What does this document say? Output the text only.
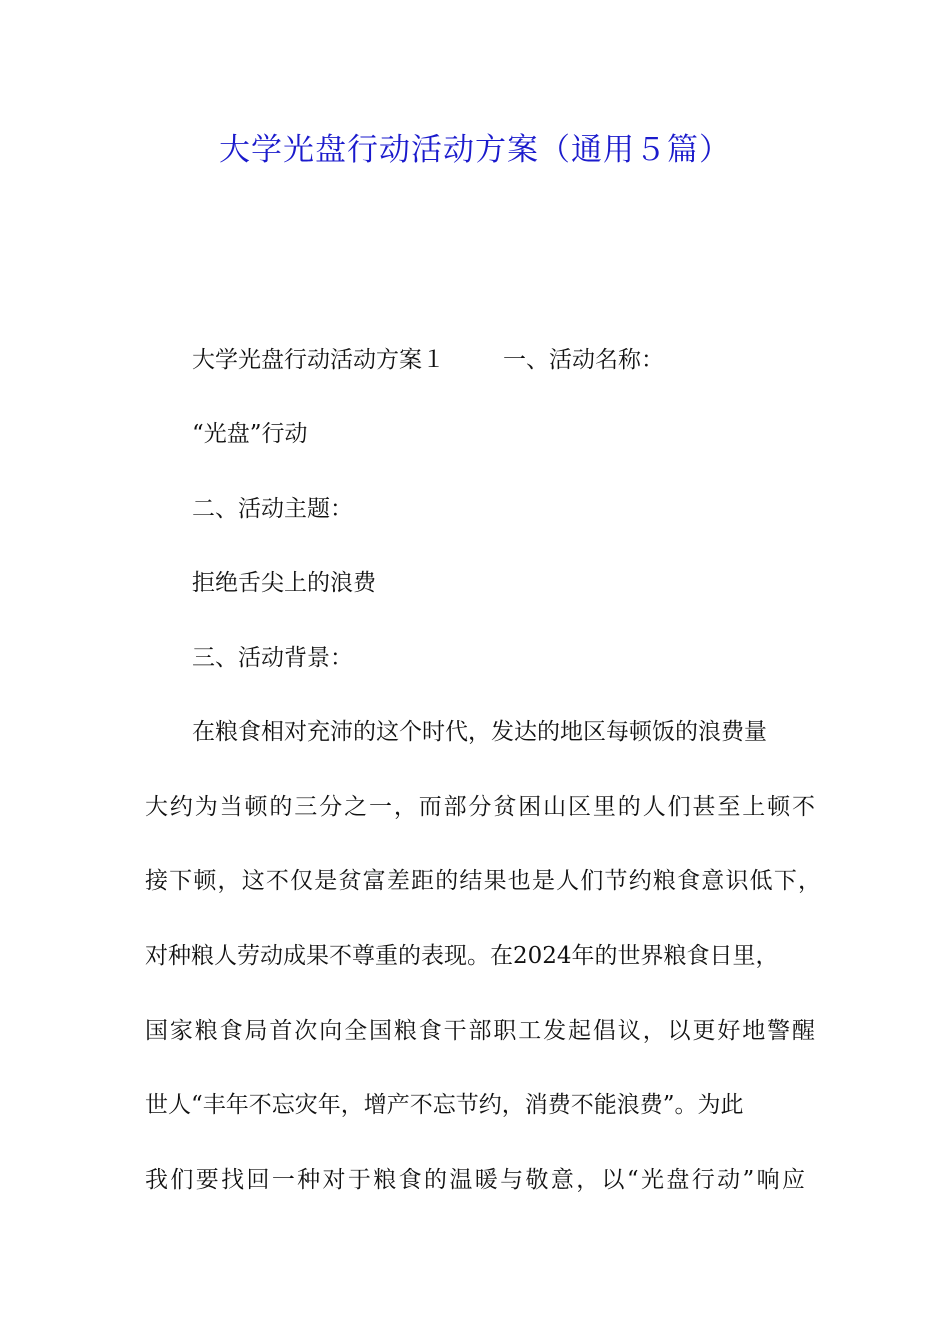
大学光盘行动活动方案（通用５篇）
大学光盘行动活动方案１	一、活动名称：
“光盘”行动
二、活动主题：
拒绝舌尖上的浪费
三、活动背景：
在粮食相对充沛的这个时代，发达的地区每顿饭的浪费量
大约为当顿的三分之一，而部分贫困山区里的人们甚至上顿不
接下顿，这不仅是贫富差距的结果也是人们节约粮食意识低下，
对种粮人劳动成果不尊重的表现。在2024年的世界粮食日里，
国家粮食局首次向全国粮食干部职工发起倡议，以更好地警醒
世人“丰年不忘灾年，增产不忘节约，消费不能浪费”。为此
我们要找回一种对于粮食的温暖与敬意，以“光盘行动”响应
